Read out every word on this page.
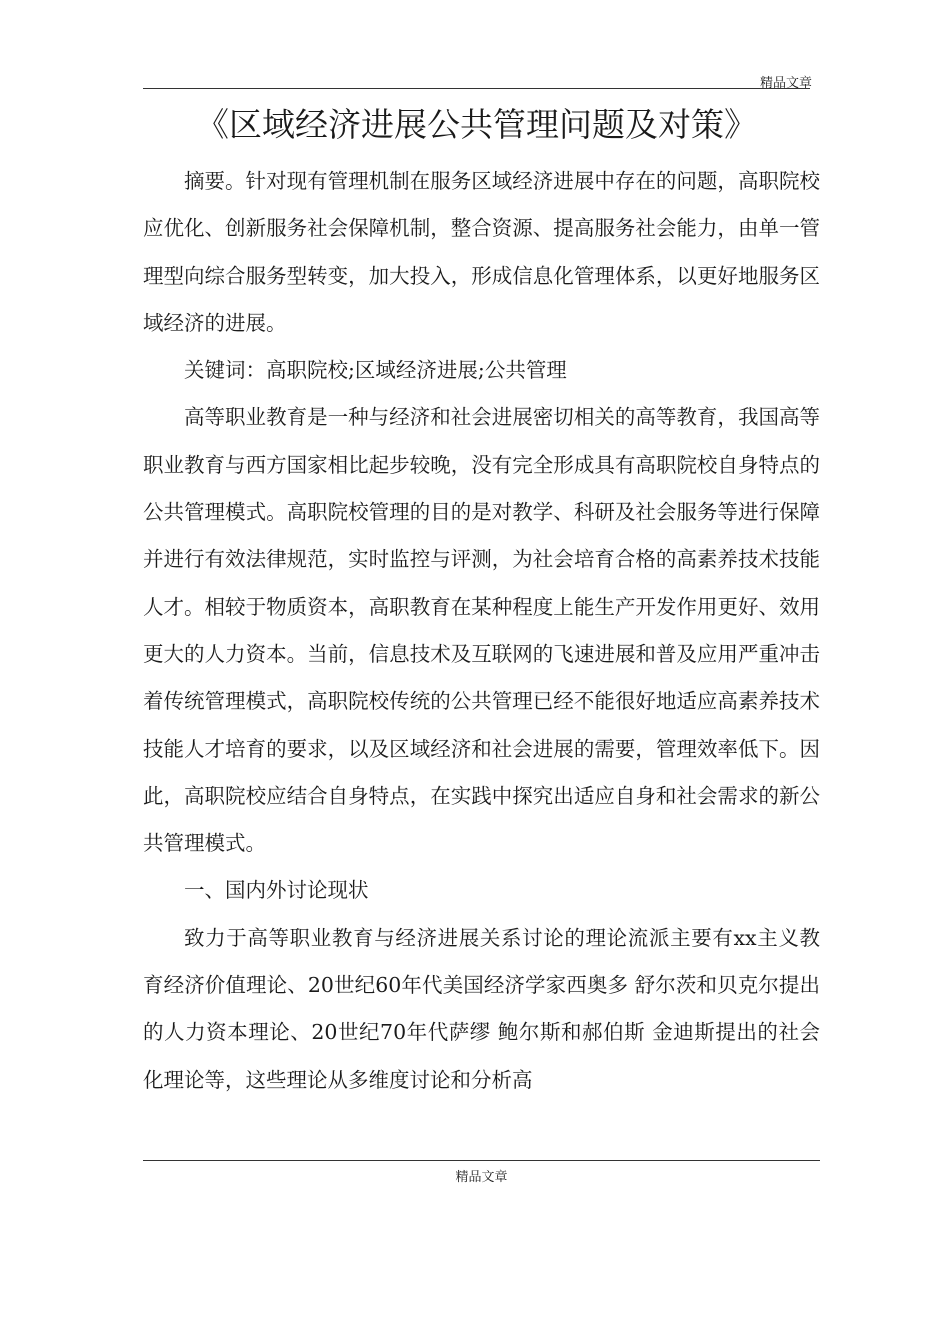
精品文章
《区域经济进展公共管理问题及对策》

摘要。针对现有管理机制在服务区域经济进展中存在的问题，高职院校应优化、创新服务社会保障机制，整合资源、提高服务社会能力，由单一管理型向综合服务型转变，加大投入，形成信息化管理体系，以更好地服务区域经济的进展。

关键词：高职院校;区域经济进展;公共管理

高等职业教育是一种与经济和社会进展密切相关的高等教育，我国高等职业教育与西方国家相比起步较晚，没有完全形成具有高职院校自身特点的公共管理模式。高职院校管理的目的是对教学、科研及社会服务等进行保障并进行有效法律规范，实时监控与评测，为社会培育合格的高素养技术技能人才。相较于物质资本，高职教育在某种程度上能生产开发作用更好、效用更大的人力资本。当前，信息技术及互联网的飞速进展和普及应用严重冲击着传统管理模式，高职院校传统的公共管理已经不能很好地适应高素养技术技能人才培育的要求，以及区域经济和社会进展的需要，管理效率低下。因此，高职院校应结合自身特点，在实践中探究出适应自身和社会需求的新公共管理模式。

一、国内外讨论现状

致力于高等职业教育与经济进展关系讨论的理论流派主要有xx主义教育经济价值理论、20世纪60年代美国经济学家西奥多 舒尔茨和贝克尔提出的人力资本理论、20世纪70年代萨缪 鲍尔斯和郝伯斯 金迪斯提出的社会化理论等，这些理论从多维度讨论和分析高

精品文章
